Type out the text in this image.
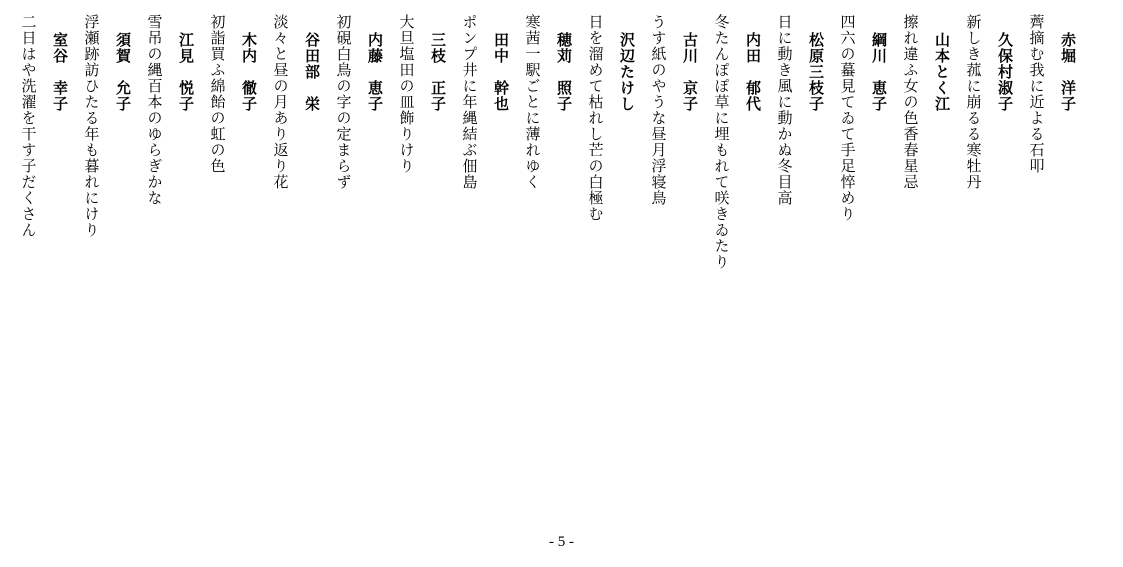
赤堀　洋子
薺摘む我に近よる石叩
久保村淑子
新しき菰に崩るる寒牡丹
山本とく江
擦れ違ふ女の色香春星忌
綱川　恵子
四六の蟇見てゐて手足悴めり
松原三枝子
日に動き風に動かぬ冬目高
内田　郁代
冬たんぽぽ草に埋もれて咲きゐたり
古川　京子
うす紙のやうな昼月浮寝鳥
沢辺たけし
日を溜めて枯れし芒の白極む
穂苅　照子
寒茜一駅ごとに薄れゆく
田中　幹也
ポンプ井に年縄結ぶ佃島
三枝　正子
大旦塩田の皿飾りけり
内藤　恵子
初硯白鳥の字の定まらず
谷田部　栄
淡々と昼の月あり返り花
木内　徹子
初詣買ふ綿飴の虹の色
江見　悦子
雪吊の縄百本のゆらぎかな
須賀　允子
浮瀬跡訪ひたる年も暮れにけり
室谷　幸子
二日はや洗濯を干す子だくさん
- 5 -
